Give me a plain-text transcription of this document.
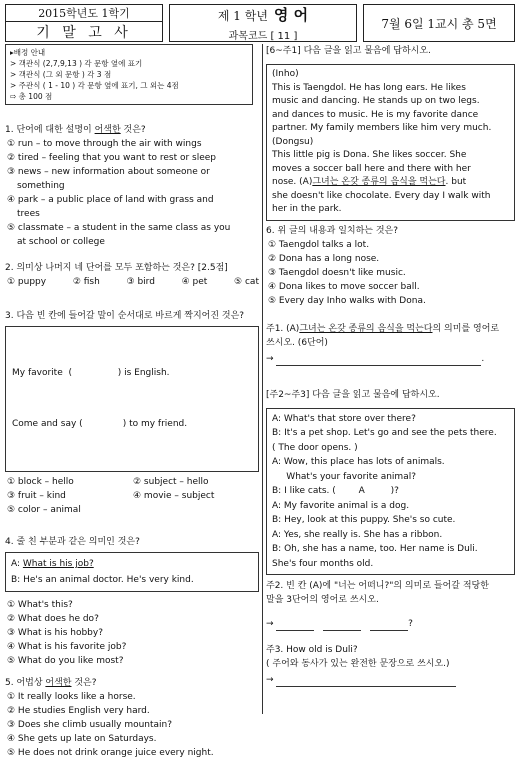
2015학년도 1학기
기 말 고 사
제 1 학년 영 어
과목코드 [ 11 ]
7월 6일 1교시 총 5면
▸배정 안내
> 객관식 (2,7,9,13 ) 각 문항 옆에 표기
> 객관식 (그 외 문항 ) 각 3 점
> 주관식 ( 1 - 10 ) 각 문항 옆에 표기, 그 외는 4점
⇨ 총 100 점
1. 단어에 대한 설명이 어색한 것은?
① run – to move through the air with wings
② tired – feeling that you want to rest or sleep
③ news – new information about someone or
something
④ park – a public place of land with grass and
trees
⑤ classmate – a student in the same class as you
at school or college
2. 의미상 나머지 네 단어를 모두 포함하는 것은? [2.5점]
① puppy	② fish	③ bird	④ pet	⑤ cat
3. 다음 빈 칸에 들어갈 말이 순서대로 바르게 짝지어진 것은?

My favorite  (                ) is English.

Come and say (              ) to my friend.

① block – hello	② subject – hello
③ fruit – kind	④ movie – subject
⑤ color – animal
4. 줄 친 부분과 같은 의미인 것은?
A: What is his job?
B: He's an animal doctor. He's very kind.
① What's this?
② What does he do?
③ What is his hobby?
④ What is his favorite job?
⑤ What do you like most?
5. 어법상 어색한 것은?
① It really looks like a horse.
② He studies English very hard.
③ Does she climb usually mountain?
④ She gets up late on Saturdays.
⑤ He does not drink orange juice every night.
[6~주1] 다음 글을 읽고 물음에 답하시오.
(Inho)
This is Taengdol. He has long ears. He likes
music and dancing. He stands up on two legs.
and dances to music. He is my favorite dance
partner. My family members like him very much.
(Dongsu)
This little pig is Dona. She likes soccer. She
moves a soccer ball here and there with her
nose. (A)그녀는 온갖 종류의 음식을 먹는다. but
she doesn't like chocolate. Every day I walk with
her in the park.
6. 위 글의 내용과 일치하는 것은?
① Taengdol talks a lot.
② Dona has a long nose.
③ Taengdol doesn't like music.
④ Dona likes to move soccer ball.
⑤ Every day Inho walks with Dona.
주1. (A)그녀는 온갖 종류의 음식을 먹는다의 의미를 영어로
쓰시오. (6단어)
→	.
[주2~주3] 다음 글을 읽고 물음에 답하시오.
A: What's that store over there?
B: It's a pet shop. Let's go and see the pets there.
( The door opens. )
A: Wow, this place has lots of animals.
What's your favorite animal?
B: I like cats. (        A         )?
A: My favorite animal is a dog.
B: Hey, look at this puppy. She's so cute.
A: Yes, she really is. She has a ribbon.
B: Oh, she has a name, too. Her name is Duli.
She's four months old.
주2. 빈 칸 (A)에 "너는 어떠니?"의 의미로 들어갈 적당한
말을 3단어의 영어로 쓰시오.
→	?
주3. How old is Duli?
( 주어와 동사가 있는 완전한 문장으로 쓰시오.)
→
